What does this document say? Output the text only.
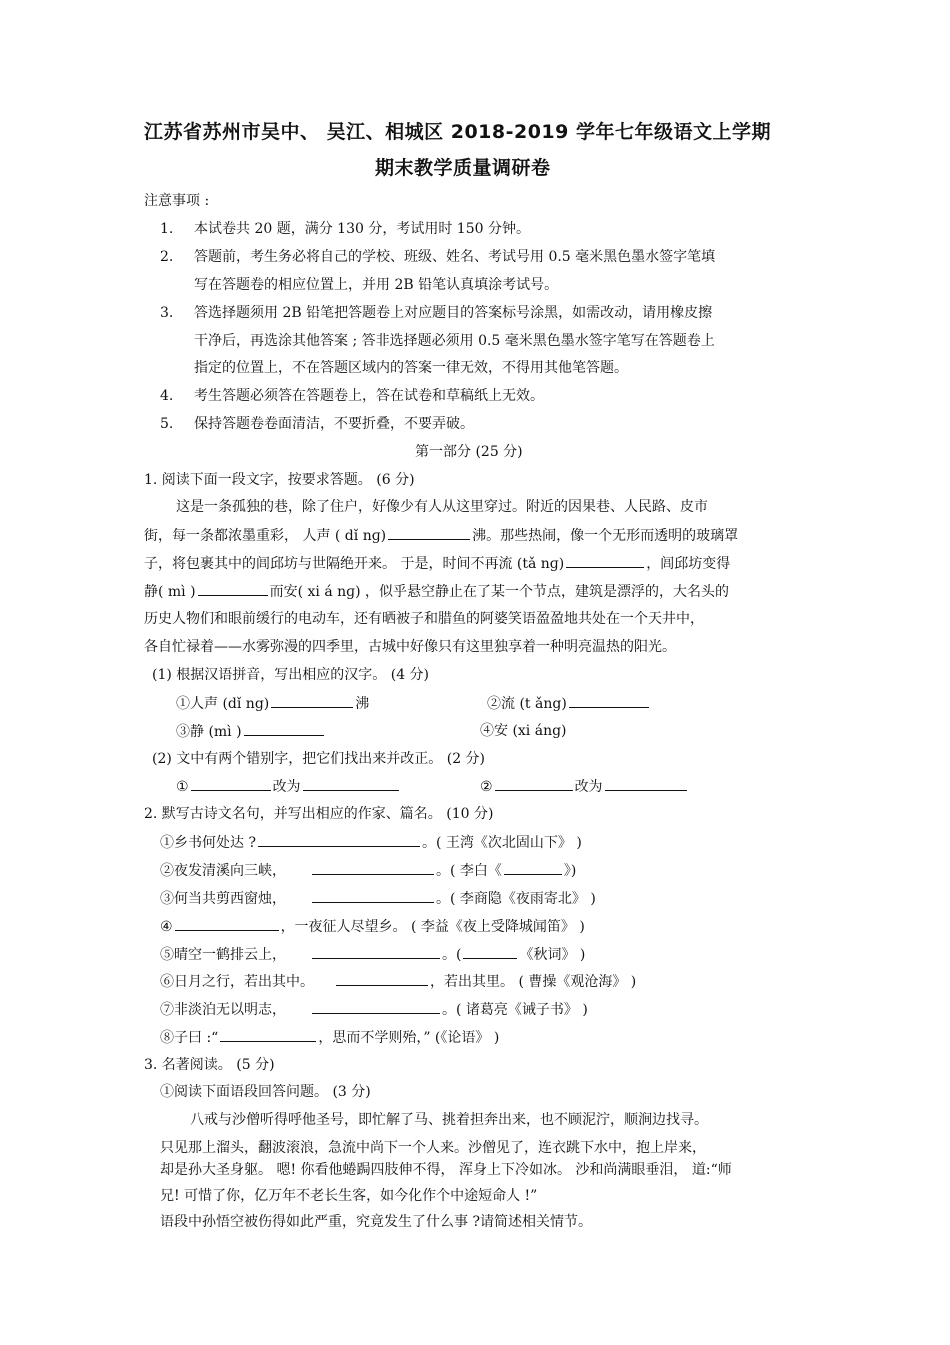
江苏省苏州市吴中、 吴江、相城区 2018-2019 学年七年级语文上学期
期末教学质量调研卷
注意事项 :
1. 本试卷共 20 题，满分 130 分，考试用时 150 分钟。
2. 答题前，考生务必将自己的学校、班级、姓名、考试号用 0.5 毫米黑色墨水签字笔填
写在答题卷的相应位置上，并用 2B 铅笔认真填涂考试号。
3. 答选择题须用 2B 铅笔把答题卷上对应题目的答案标号涂黑，如需改动，请用橡皮擦
干净后，再选涂其他答案 ; 答非选择题必须用 0.5 毫米黑色墨水签字笔写在答题卷上
指定的位置上，不在答题区域内的答案一律无效，不得用其他笔答题。
4. 考生答题必须答在答题卷上，答在试卷和草稿纸上无效。
5. 保持答题卷卷面清洁，不要折叠，不要弄破。
第一部分 (25 分)
1. 阅读下面一段文字，按要求答题。 (6 分)
这是一条孤独的巷，除了住户，好像少有人从这里穿过。附近的因果巷、人民路、皮市
街，每一条都浓墨重彩， 人声 ( dǐ nɡ)	沸。那些热闹，像一个无形而透明的玻璃罩
子，将包裹其中的闾邱坊与世隔绝开来。 于是，时间不再流 (tǎ nɡ)	，闾邱坊变得
静( mì )	而安( xi á nɡ) ，似乎悬空静止在了某一个节点，建筑是漂浮的，大名头的
历史人物们和眼前缓行的电动车，还有晒被子和腊鱼的阿婆笑语盈盈地共处在一个天井中，
各自忙禄着——水雾弥漫的四季里，古城中好像只有这里独享着一种明亮温热的阳光。
(1) 根据汉语拼音，写出相应的汉字。 (4 分)
①人声 (dǐ ng)	沸	②流 (t ǎng)
③静 (mì )	④安 (xi áng)
(2) 文中有两个错别字，把它们找出来并改正。 (2 分)
①	改为	②	改为
2. 默写古诗文名句，并写出相应的作家、篇名。 (10 分)
①乡书何处达 ?	。( 王湾《次北固山下》 )
②夜发清溪向三峡，	。( 李白《	》)
③何当共剪西窗烛，	。( 李商隐《夜雨寄北》 )
④	，一夜征人尽望乡。 ( 李益《夜上受降城闻笛》 )
⑤晴空一鹤排云上，	。(	《秋词》 )
⑥日月之行，若出其中。	，若出其里。 ( 曹操《观沧海》 )
⑦非淡泊无以明志，	。( 诸葛亮《诫子书》 )
⑧子曰 :“	，思而不学则殆，” (《论语》 )
3. 名著阅读。 (5 分)
①阅读下面语段回答问题。 (3 分)
八戒与沙僧听得呼他圣号，即忙解了马、挑着担奔出来，也不顾泥泞，顺涧边找寻。
只见那上溜头，翻波滚浪，急流中尚下一个人来。沙僧见了，连衣跳下水中，抱上岸来，
却是孙大圣身躯。 嗯! 你看他蜷跼四肢伸不得， 浑身上下冷如冰。 沙和尚满眼垂泪， 道:“师
兄! 可惜了你，亿万年不老长生客，如今化作个中途短命人 !”
语段中孙悟空被伤得如此严重，究竟发生了什么事 ?请简述相关情节。
